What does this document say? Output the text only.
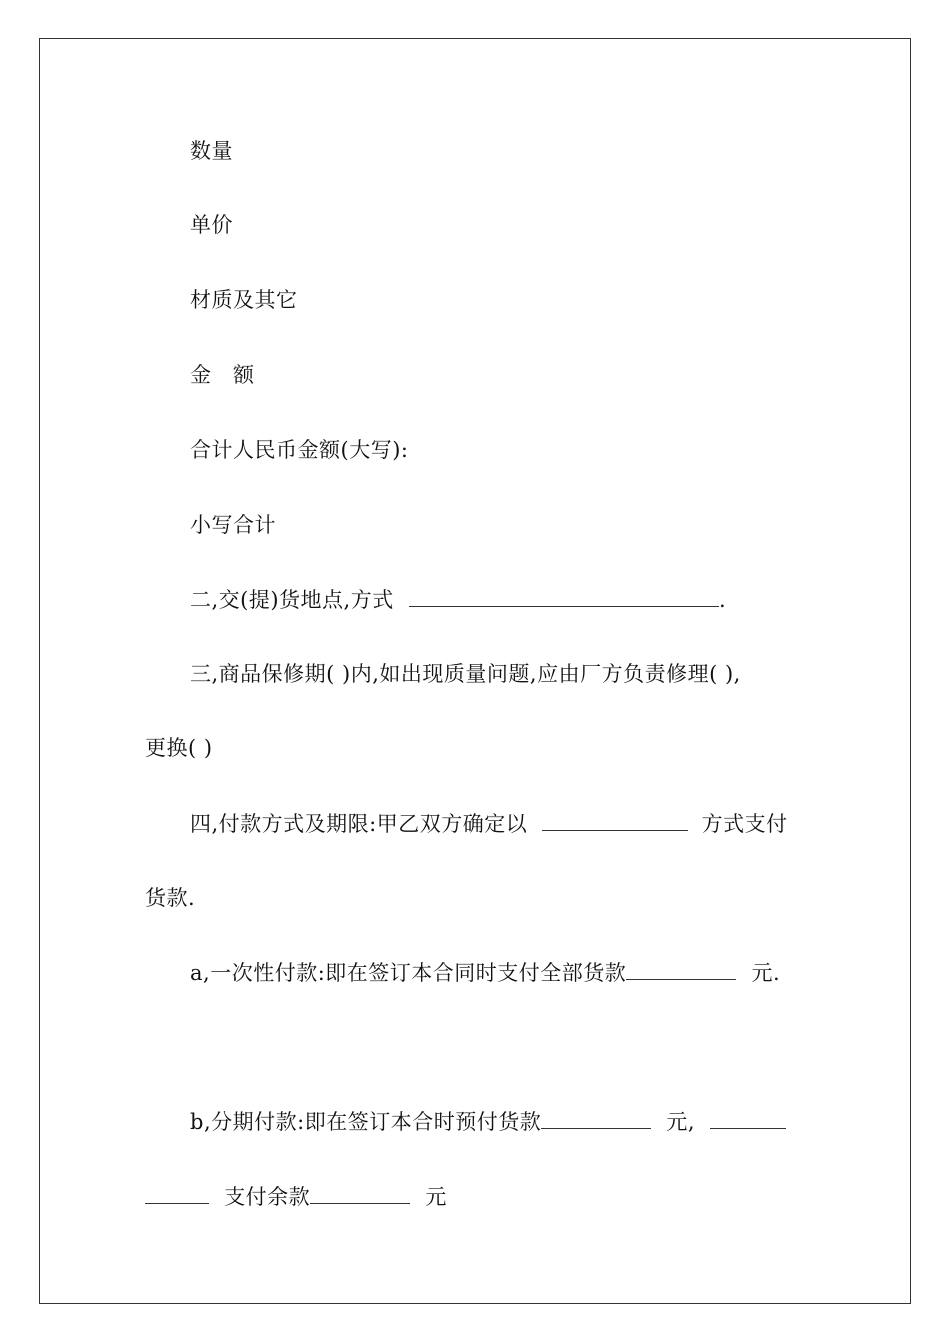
数量
单价
材质及其它
金　额
合计人民币金额(大写):
小写合计
二,交(提)货地点,方式	.
三,商品保修期( )内,如出现质量问题,应由厂方负责修理( ),
更换( )
四,付款方式及期限:甲乙双方确定以	方式支付
货款.
a,一次性付款:即在签订本合同时支付全部货款	元.
b,分期付款:即在签订本合时预付货款	元,
支付余款	元
